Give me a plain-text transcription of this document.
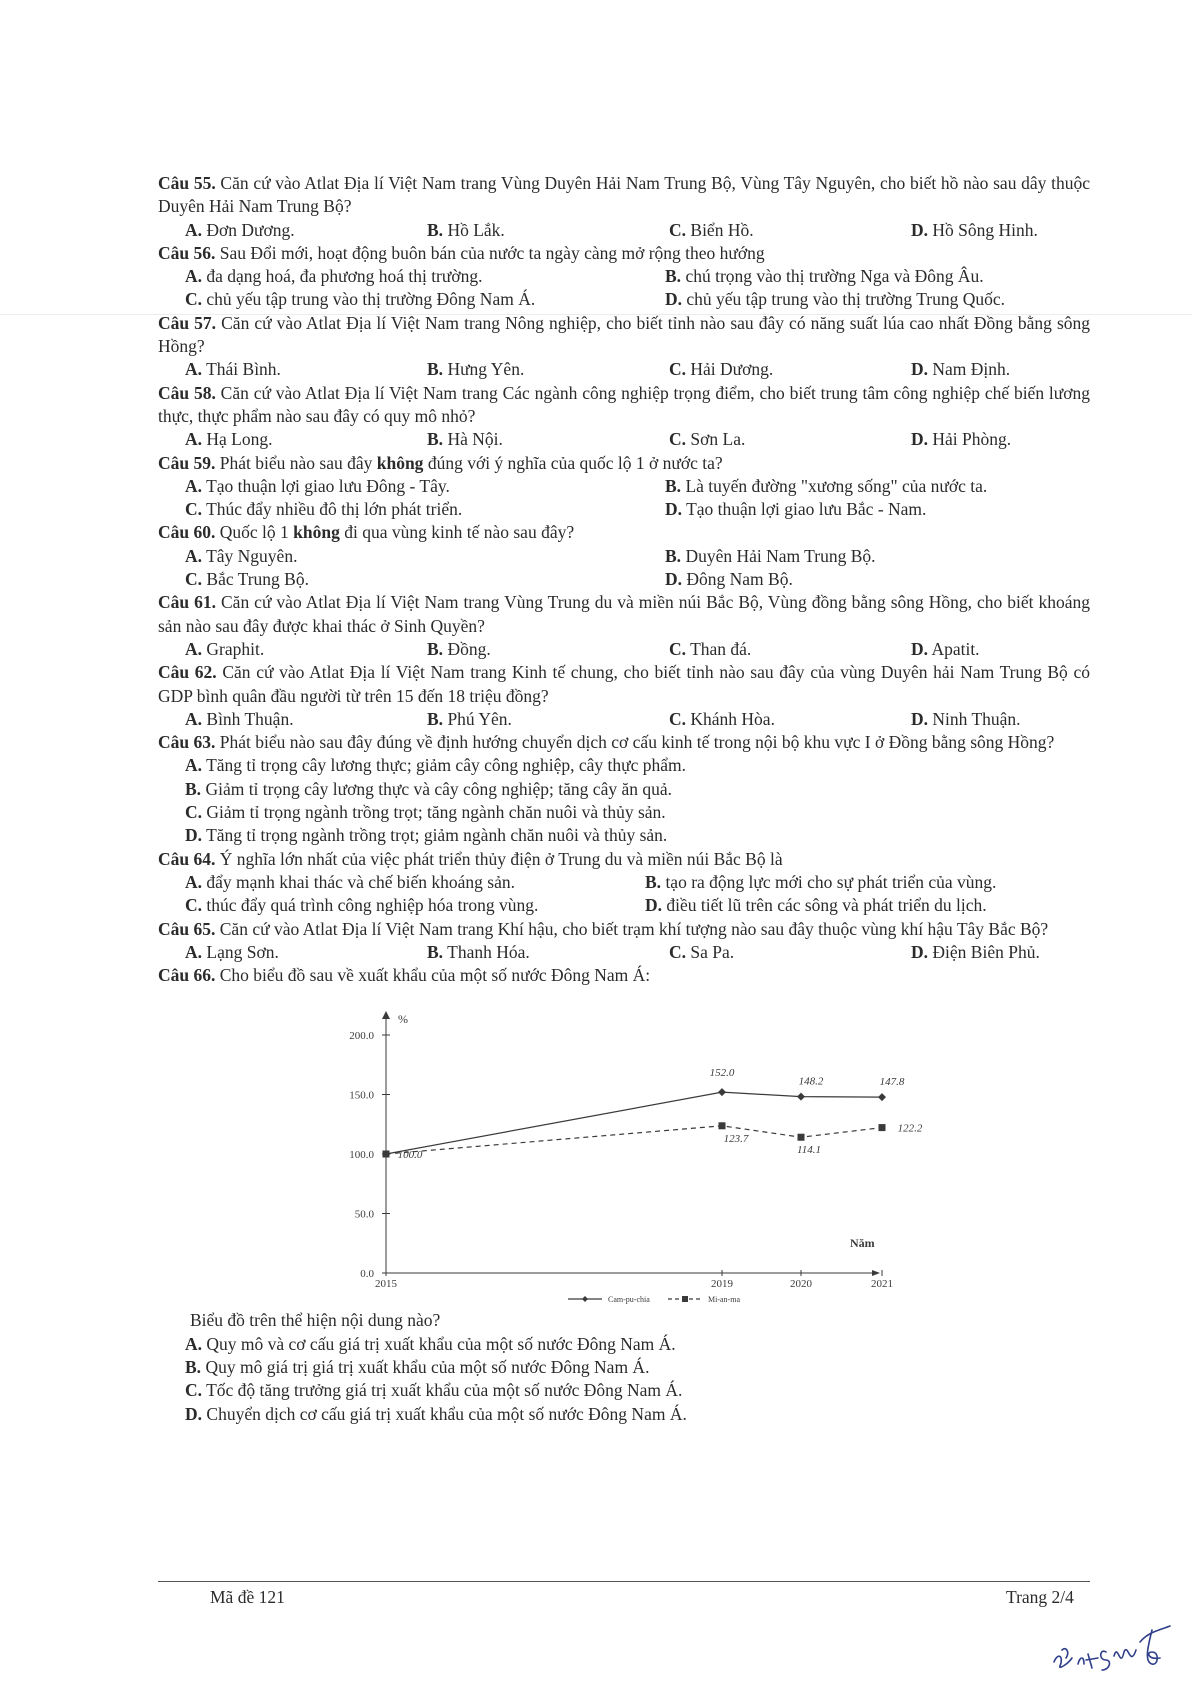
Câu 55. Căn cứ vào Atlat Địa lí Việt Nam trang Vùng Duyên Hải Nam Trung Bộ, Vùng Tây Nguyên, cho biết hồ nào sau dây thuộc Duyên Hải Nam Trung Bộ?
A. Đơn Dương.	B. Hồ Lắk.	C. Biển Hồ.	D. Hồ Sông Hinh.
Câu 56. Sau Đổi mới, hoạt động buôn bán của nước ta ngày càng mở rộng theo hướng
A. đa dạng hoá, đa phương hoá thị trường.	B. chú trọng vào thị trường Nga và Đông Âu.
C. chủ yếu tập trung vào thị trường Đông Nam Á.	D. chủ yếu tập trung vào thị trường Trung Quốc.
Câu 57. Căn cứ vào Atlat Địa lí Việt Nam trang Nông nghiệp, cho biết tỉnh nào sau đây có năng suất lúa cao nhất Đồng bằng sông Hồng?
A. Thái Bình.	B. Hưng Yên.	C. Hải Dương.	D. Nam Định.
Câu 58. Căn cứ vào Atlat Địa lí Việt Nam trang Các ngành công nghiệp trọng điểm, cho biết trung tâm công nghiệp chế biến lương thực, thực phẩm nào sau đây có quy mô nhỏ?
A. Hạ Long.	B. Hà Nội.	C. Sơn La.	D. Hải Phòng.
Câu 59. Phát biểu nào sau đây không đúng với ý nghĩa của quốc lộ 1 ở nước ta?
A. Tạo thuận lợi giao lưu Đông - Tây.	B. Là tuyến đường "xương sống" của nước ta.
C. Thúc đẩy nhiều đô thị lớn phát triển.	D. Tạo thuận lợi giao lưu Bắc - Nam.
Câu 60. Quốc lộ 1 không đi qua vùng kinh tế nào sau đây?
A. Tây Nguyên.	B. Duyên Hải Nam Trung Bộ.
C. Bắc Trung Bộ.	D. Đông Nam Bộ.
Câu 61. Căn cứ vào Atlat Địa lí Việt Nam trang Vùng Trung du và miền núi Bắc Bộ, Vùng đồng bằng sông Hồng, cho biết khoáng sản nào sau đây được khai thác ở Sinh Quyền?
A. Graphit.	B. Đồng.	C. Than đá.	D. Apatit.
Câu 62. Căn cứ vào Atlat Địa lí Việt Nam trang Kinh tế chung, cho biết tỉnh nào sau đây của vùng Duyên hải Nam Trung Bộ có GDP bình quân đầu người từ trên 15 đến 18 triệu đồng?
A. Bình Thuận.	B. Phú Yên.	C. Khánh Hòa.	D. Ninh Thuận.
Câu 63. Phát biểu nào sau đây đúng về định hướng chuyển dịch cơ cấu kinh tế trong nội bộ khu vực I ở Đồng bằng sông Hồng?
A. Tăng tỉ trọng cây lương thực; giảm cây công nghiệp, cây thực phẩm.
B. Giảm tỉ trọng cây lương thực và cây công nghiệp; tăng cây ăn quả.
C. Giảm tỉ trọng ngành trồng trọt; tăng ngành chăn nuôi và thủy sản.
D. Tăng tỉ trọng ngành trồng trọt; giảm ngành chăn nuôi và thủy sản.
Câu 64. Ý nghĩa lớn nhất của việc phát triển thủy điện ở Trung du và miền núi Bắc Bộ là
A. đẩy mạnh khai thác và chế biến khoáng sản.	B. tạo ra động lực mới cho sự phát triển của vùng.
C. thúc đẩy quá trình công nghiệp hóa trong vùng.	D. điều tiết lũ trên các sông và phát triển du lịch.
Câu 65. Căn cứ vào Atlat Địa lí Việt Nam trang Khí hậu, cho biết trạm khí tượng nào sau đây thuộc vùng khí hậu Tây Bắc Bộ?
A. Lạng Sơn.	B. Thanh Hóa.	C. Sa Pa.	D. Điện Biên Phủ.
Câu 66. Cho biểu đồ sau về xuất khẩu của một số nước Đông Nam Á:
%
Năm
0.0
50.0
100.0
150.0
200.0
2015	2019	2020	2021
152.0
148.2	147.8
100.0
123.7
114.1
122.2
Cam-pu-chia	Mi-an-ma
Biểu đồ trên thể hiện nội dung nào?
A. Quy mô và cơ cấu giá trị xuất khẩu của một số nước Đông Nam Á.
B. Quy mô giá trị giá trị xuất khẩu của một số nước Đông Nam Á.
C. Tốc độ tăng trưởng giá trị xuất khẩu của một số nước Đông Nam Á.
D. Chuyển dịch cơ cấu giá trị xuất khẩu của một số nước Đông Nam Á.
Mã đề 121	Trang 2/4
